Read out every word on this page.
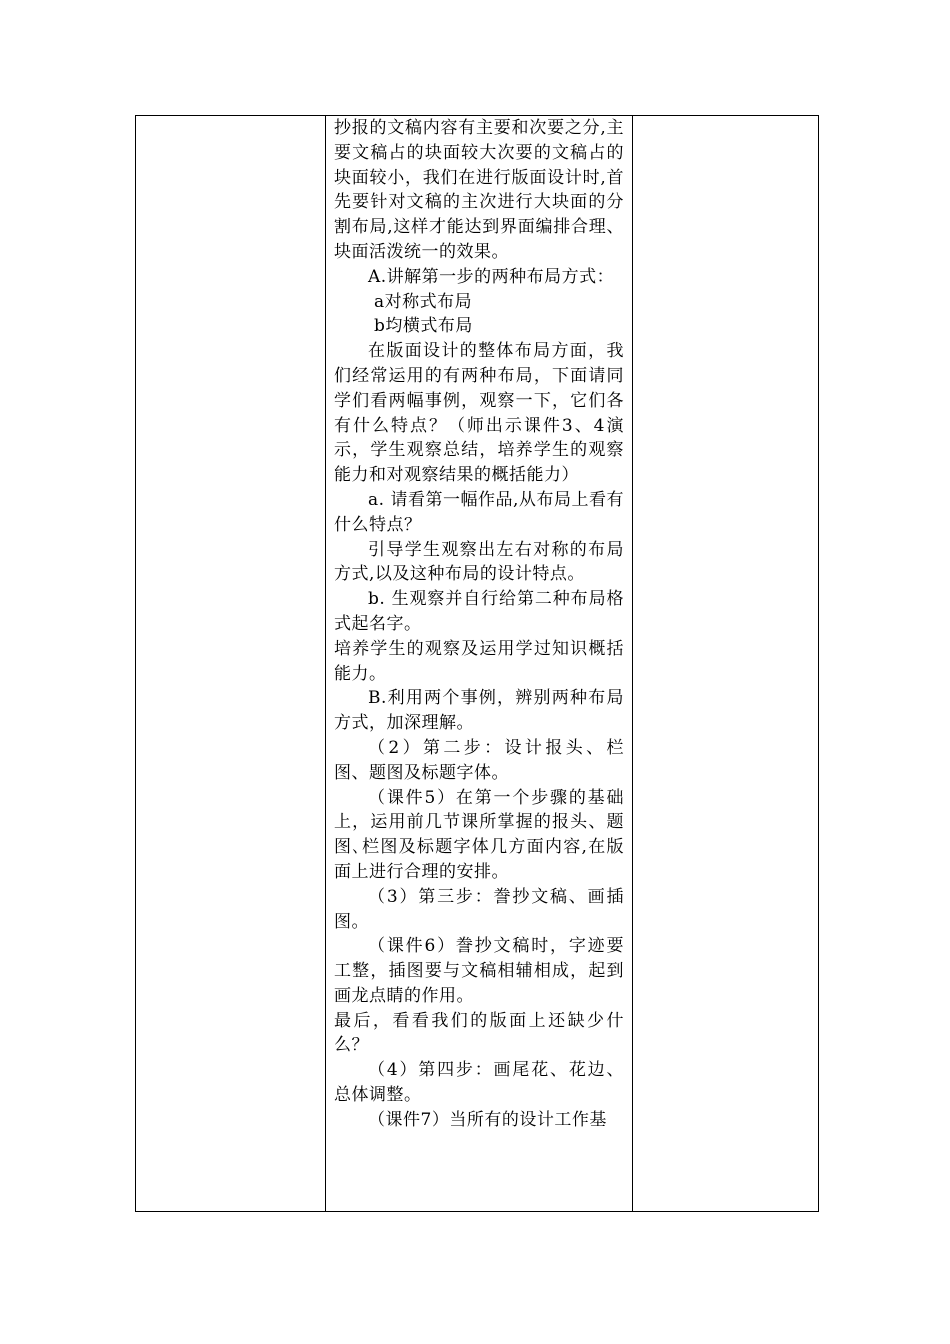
抄报的文稿内容有主要和次要之分,主要文稿占的块面较大次要的文稿占的块面较小，我们在进行版面设计时,首先要针对文稿的主次进行大块面的分割布局,这样才能达到界面编排合理、块面活泼统一的效果。

A.讲解第一步的两种布局方式：

a对称式布局

b均横式布局

在版面设计的整体布局方面，我们经常运用的有两种布局，下面请同学们看两幅事例，观察一下，它们各有什么特点？（师出示课件3、4演示，学生观察总结，培养学生的观察能力和对观察结果的概括能力）

a. 请看第一幅作品,从布局上看有什么特点？

引导学生观察出左右对称的布局方式,以及这种布局的设计特点。

b. 生观察并自行给第二种布局格式起名字。

培养学生的观察及运用学过知识概括能力。

B.利用两个事例，辨别两种布局方式，加深理解。

（2）第二步：设计报头、栏图、题图及标题字体。

（课件5）在第一个步骤的基础上，运用前几节课所掌握的报头、题图､栏图及标题字体几方面内容,在版面上进行合理的安排。

（3）第三步：誊抄文稿、画插图。

（课件6）誊抄文稿时，字迹要工整，插图要与文稿相辅相成，起到画龙点睛的作用。

最后，看看我们的版面上还缺少什么？

（4）第四步：画尾花、花边、总体调整。

（课件7）当所有的设计工作基
